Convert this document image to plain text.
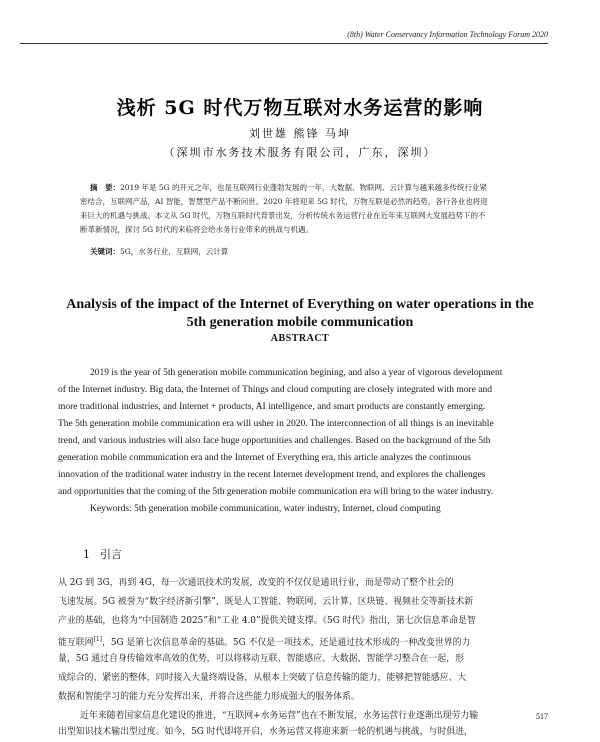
(8th) Water Conservancy Information Technology Forum 2020
浅析 5G 时代万物互联对水务运营的影响
刘世雄 熊锋 马坤
（深圳市水务技术服务有限公司，广东，深圳）
摘　要：2019 年是 5G 的开元之年，也是互联网行业蓬勃发展的一年，大数据、物联网、云计算与越来越多传统行业紧
密结合，互联网产品，AI 智能，智慧型产品不断问世。2020 年将迎来 5G 时代，万物互联是必然的趋势，各行各业也将迎
来巨大的机遇与挑战。本文从 5G 时代，万物互联时代背景出发，分析传统水务运营行业在近年来互联网大发展趋势下的不
断革新情况，探讨 5G 时代的来临将会给水务行业带来的挑战与机遇。
关键词：5G，水务行业，互联网，云计算
Analysis of the impact of the Internet of Everything on water operations in the
5th generation mobile communication
ABSTRACT
2019 is the year of 5th generation mobile communication begining, and also a year of vigorous development
of the Internet industry. Big data, the Internet of Things and cloud computing are closely integrated with more and
more traditional industries, and Internet + products, AI intelligence, and smart products are constantly emerging.
The 5th generation mobile communication era will usher in 2020. The interconnection of all things is an inevitable
trend, and various industries will also face huge opportunities and challenges. Based on the background of the 5th
generation mobile communication era and the Internet of Everything era, this article analyzes the continuous
innovation of the traditional water industry in the recent Internet development trend, and explores the challenges
and opportunities that the coming of the 5th generation mobile communication era will bring to the water industry.
Keywords: 5th generation mobile communication, water industry, Internet, cloud computing
1 引言
从 2G 到 3G，再到 4G，每一次通讯技术的发展，改变的不仅仅是通讯行业，而是带动了整个社会的
飞速发展。5G 被誉为“数字经济新引擎”，既是人工智能、物联网、云计算、区块链、视频社交等新技术新
产业的基础，也将为“中国制造 2025”和“工业 4.0”提供关键支撑。《5G 时代》指出，第七次信息革命是智
能互联网[1]，5G 是第七次信息革命的基础。5G 不仅是一项技术，还是通过技术形成的一种改变世界的力
量，5G 通过自身传输效率高效的优势，可以将移动互联、智能感应、大数据、智能学习整合在一起，形
成综合的、紧密的整体，同时接入大量终端设备，从根本上突破了信息传输的能力，能够把智能感应、大
数据和智能学习的能力充分发挥出来，并将合这些能力形成强大的服务体系。
近年来随着国家信息化建设的推进，“互联网+水务运营”也在不断发展，水务运营行业逐渐出现劳力输
出型知识技术输出型过度。如今，5G 时代即将开启，水务运营又将迎来新一轮的机遇与挑战，与时俱进，
517
